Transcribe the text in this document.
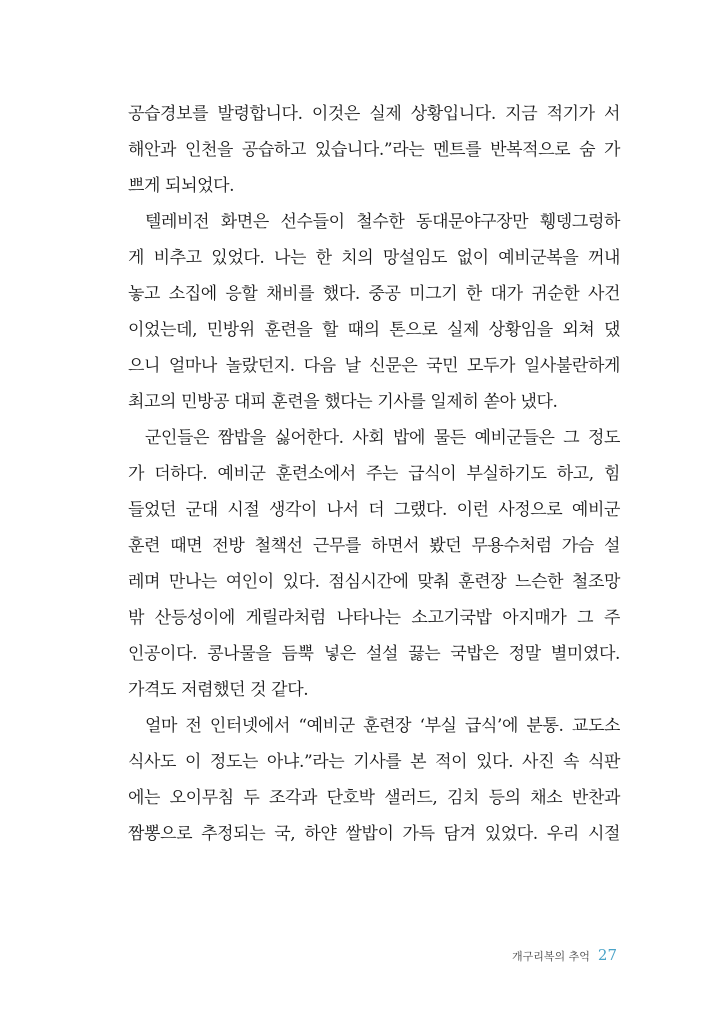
공습경보를 발령합니다. 이것은 실제 상황입니다. 지금 적기가 서
해안과 인천을 공습하고 있습니다.”라는 멘트를 반복적으로 숨 가
쁘게 되뇌었다.
텔레비전 화면은 선수들이 철수한 동대문야구장만 휑뎅그렁하
게 비추고 있었다. 나는 한 치의 망설임도 없이 예비군복을 꺼내
놓고 소집에 응할 채비를 했다. 중공 미그기 한 대가 귀순한 사건
이었는데, 민방위 훈련을 할 때의 톤으로 실제 상황임을 외쳐 댔
으니 얼마나 놀랐던지. 다음 날 신문은 국민 모두가 일사불란하게
최고의 민방공 대피 훈련을 했다는 기사를 일제히 쏟아 냈다.
군인들은 짬밥을 싫어한다. 사회 밥에 물든 예비군들은 그 정도
가 더하다. 예비군 훈련소에서 주는 급식이 부실하기도 하고, 힘
들었던 군대 시절 생각이 나서 더 그랬다. 이런 사정으로 예비군
훈련 때면 전방 철책선 근무를 하면서 봤던 무용수처럼 가슴 설
레며 만나는 여인이 있다. 점심시간에 맞춰 훈련장 느슨한 철조망
밖 산등성이에 게릴라처럼 나타나는 소고기국밥 아지매가 그 주
인공이다. 콩나물을 듬뿍 넣은 설설 끓는 국밥은 정말 별미였다.
가격도 저렴했던 것 같다.
얼마 전 인터넷에서 “예비군 훈련장 ‘부실 급식’에 분통. 교도소
식사도 이 정도는 아냐.”라는 기사를 본 적이 있다. 사진 속 식판
에는 오이무침 두 조각과 단호박 샐러드, 김치 등의 채소 반찬과
짬뽕으로 추정되는 국, 하얀 쌀밥이 가득 담겨 있었다. 우리 시절
개구리복의 추억 27
